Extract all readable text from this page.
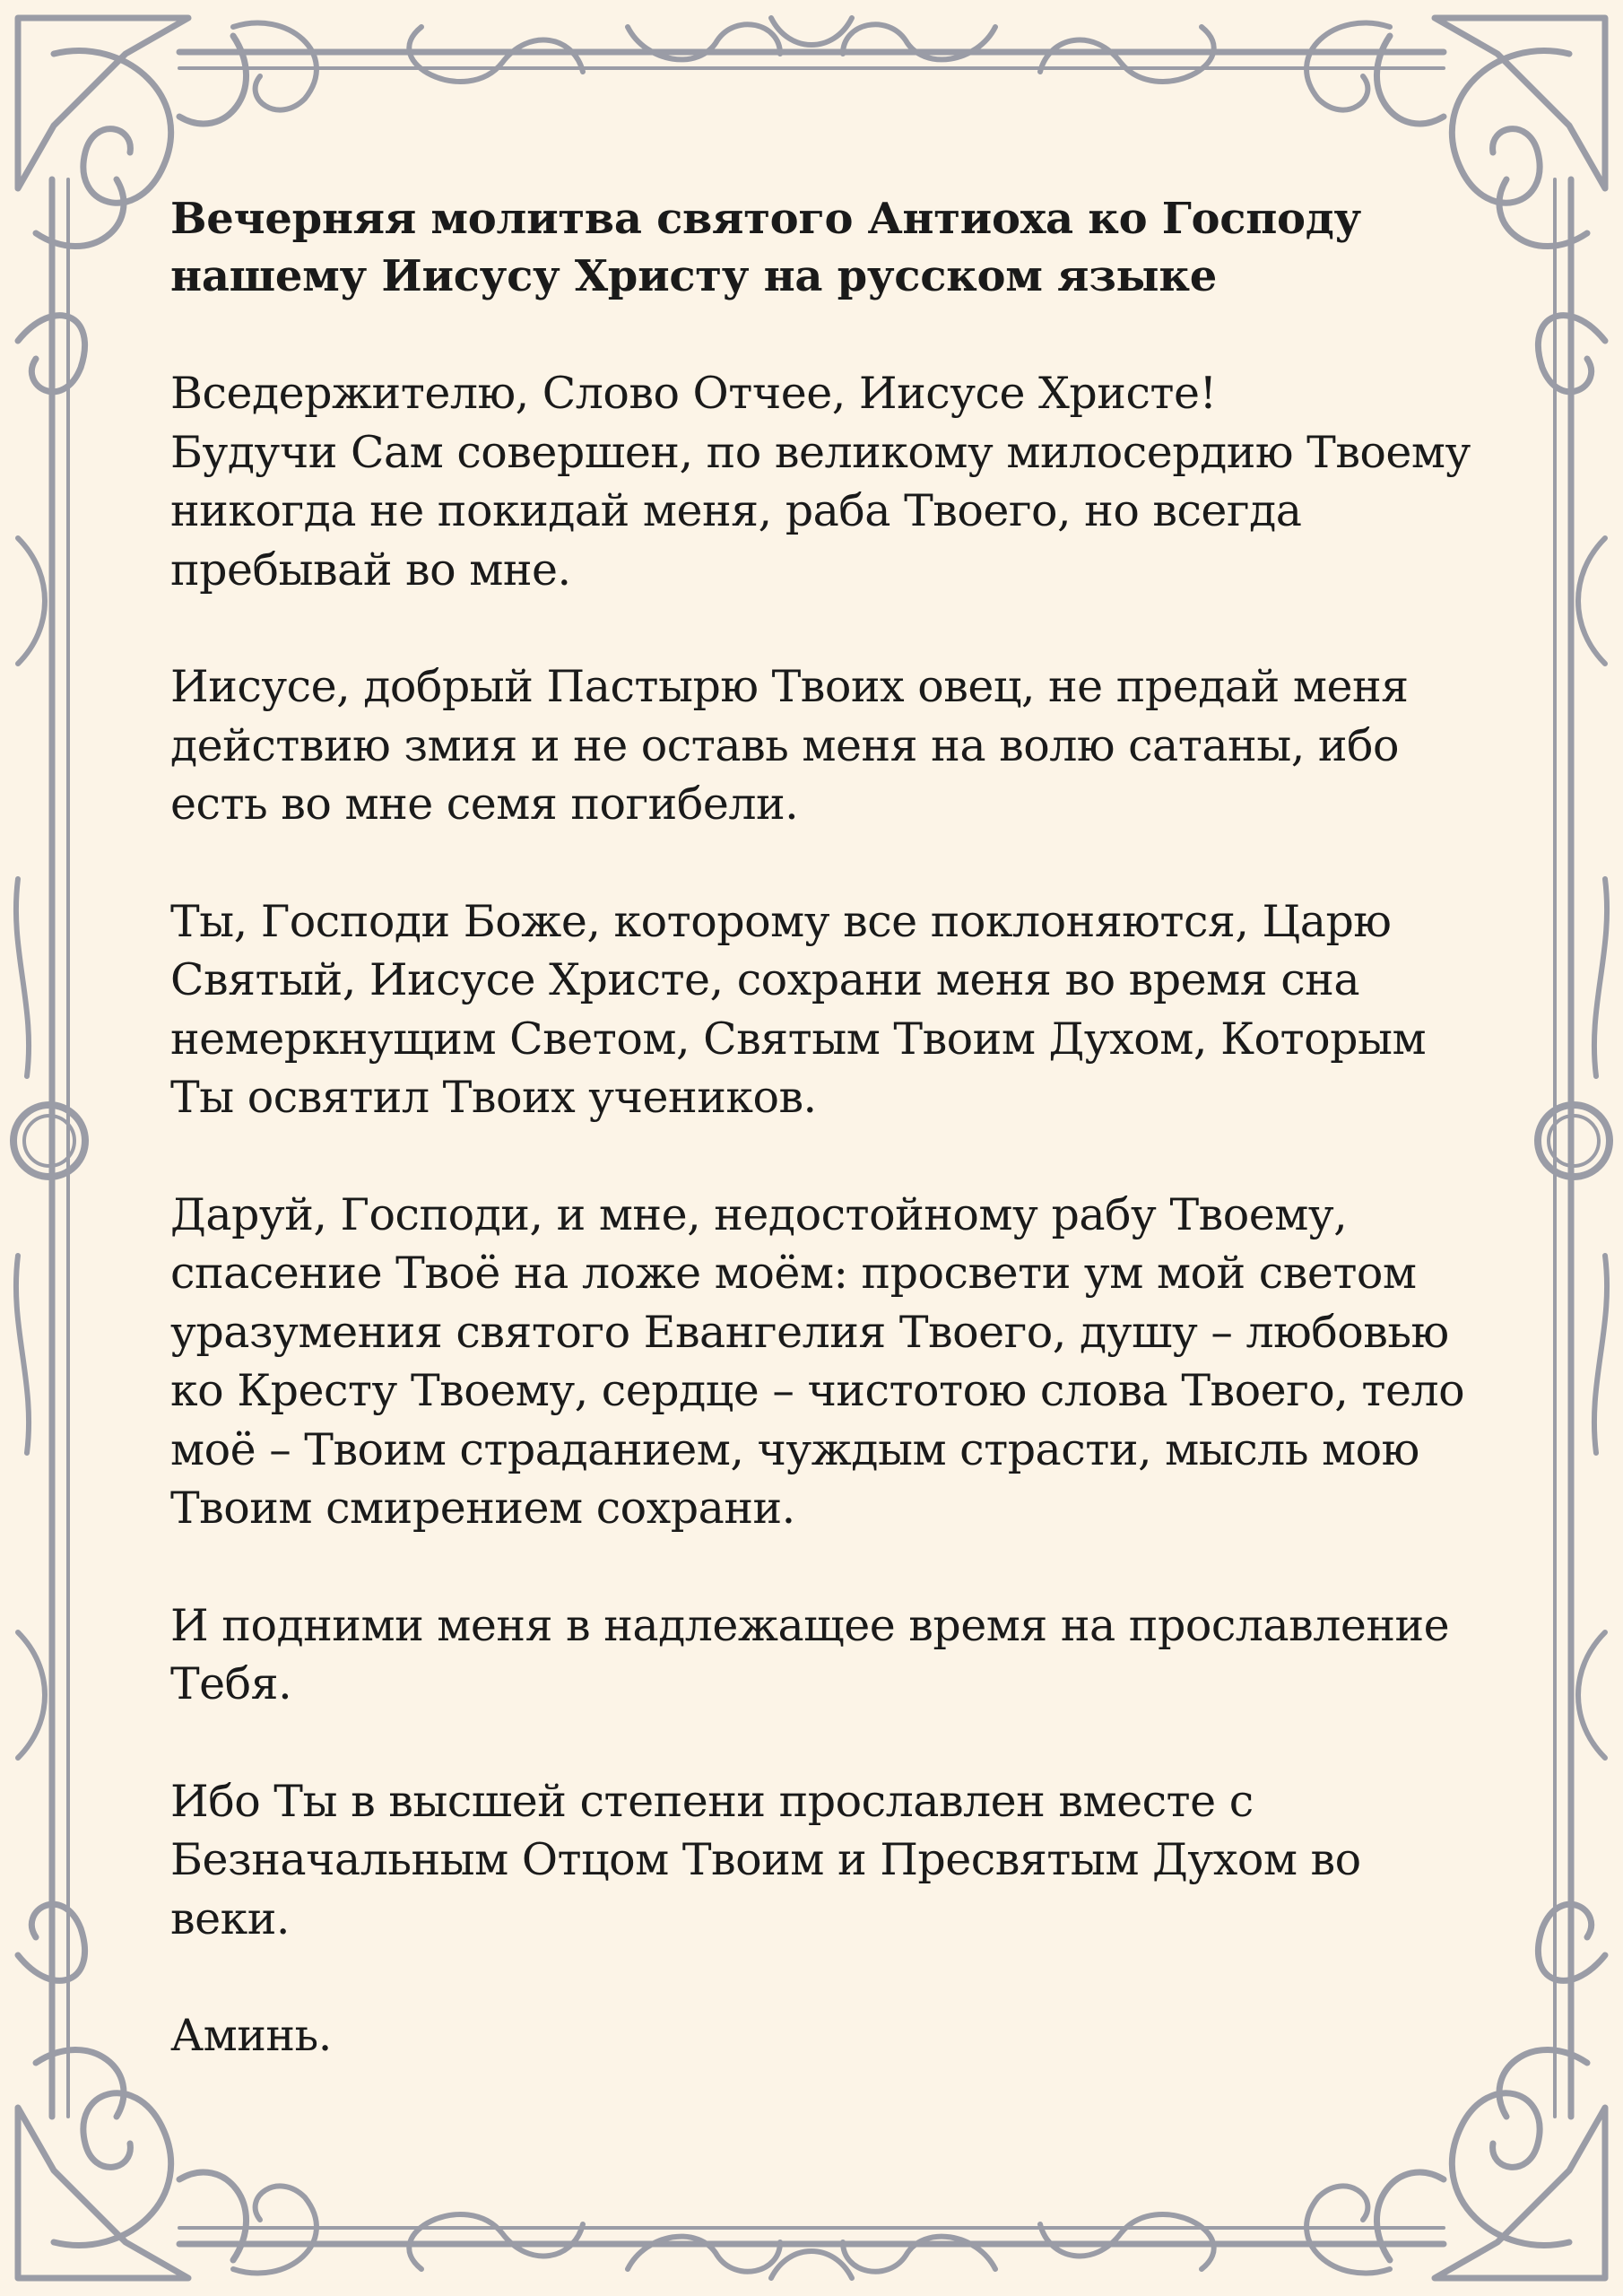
Вечерняя молитва святого Антиоха ко Господу
нашему Иисусу Христу на русском языке
Вседержителю, Слово Отчее, Иисусе Христе!
Будучи Сам совершен, по великому милосердию Твоему
никогда не покидай меня, раба Твоего, но всегда
пребывай во мне.
Иисусе, добрый Пастырю Твоих овец, не предай меня
действию змия и не оставь меня на волю сатаны, ибо
есть во мне семя погибели.
Ты, Господи Боже, которому все поклоняются, Царю
Святый, Иисусе Христе, сохрани меня во время сна
немеркнущим Светом, Святым Твоим Духом, Которым
Ты освятил Твоих учеников.
Даруй, Господи, и мне, недостойному рабу Твоему,
спасение Твоё на ложе моём: просвети ум мой светом
уразумения святого Евангелия Твоего, душу – любовью
ко Кресту Твоему, сердце – чистотою слова Твоего, тело
моё – Твоим страданием, чуждым страсти, мысль мою
Твоим смирением сохрани.
И подними меня в надлежащее время на прославление
Тебя.
Ибо Ты в высшей степени прославлен вместе с
Безначальным Отцом Твоим и Пресвятым Духом во
веки.
Аминь.
